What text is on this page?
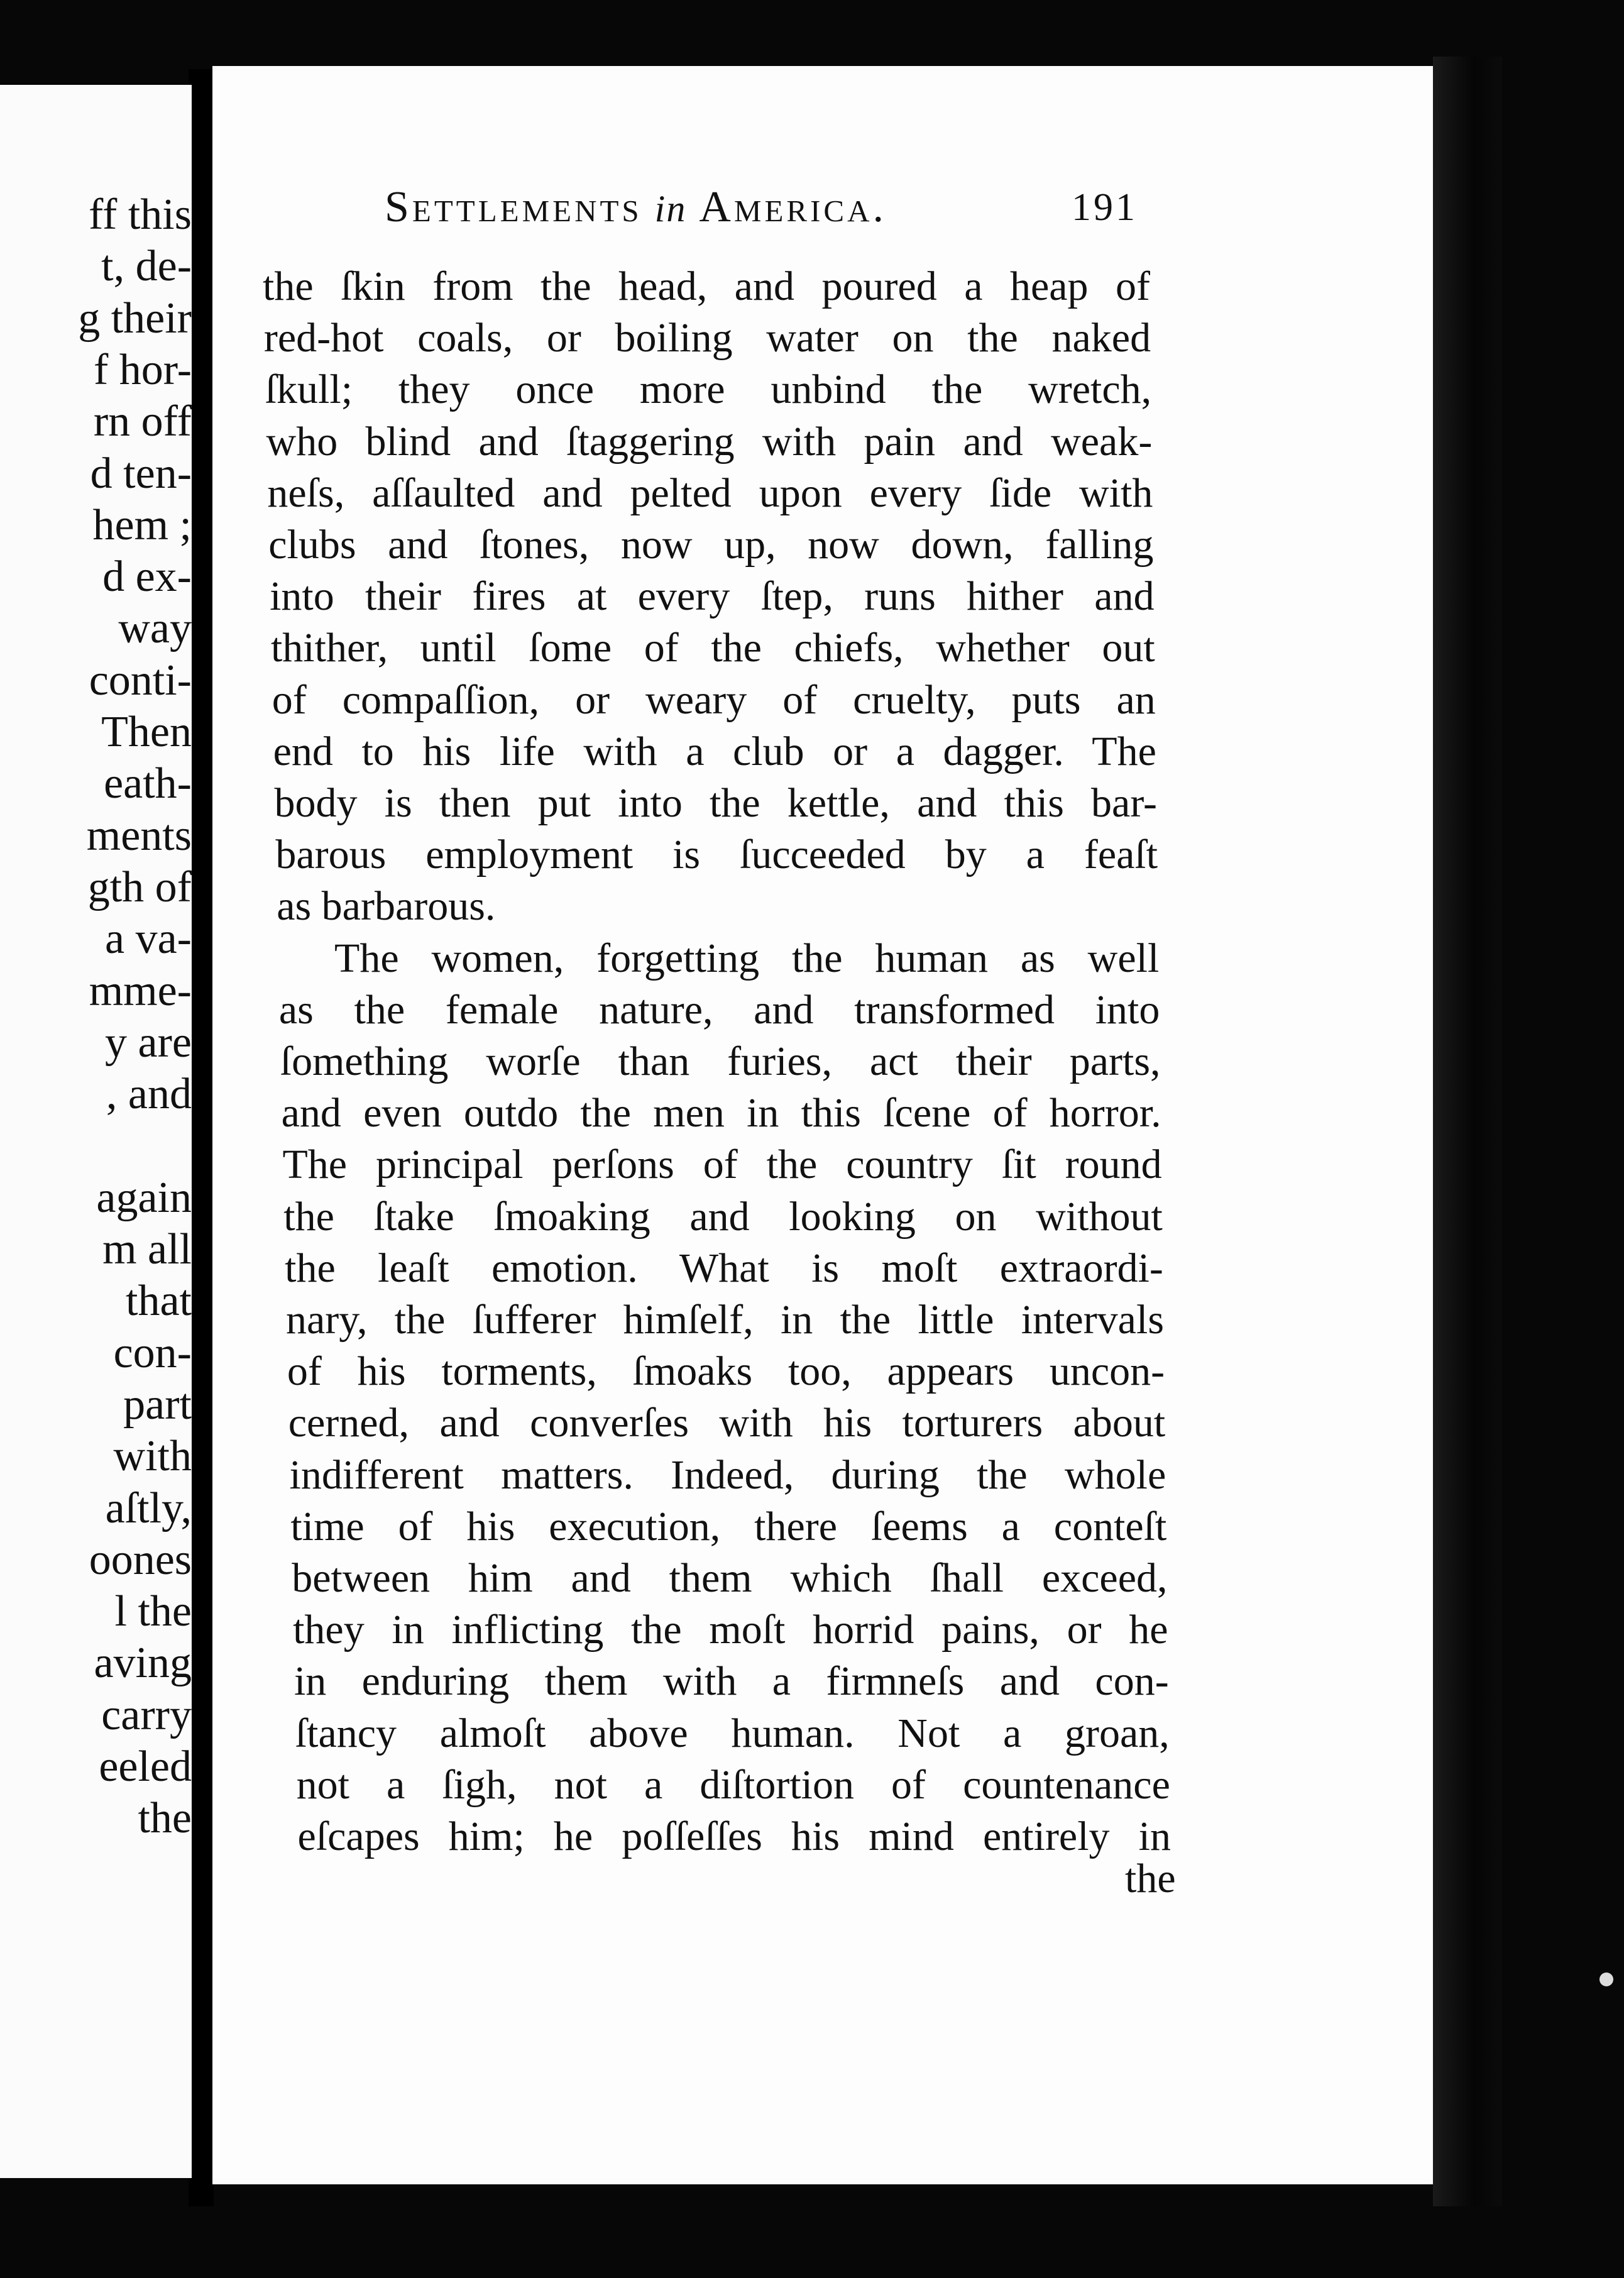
ff this
t, de-
g their
f hor-
rn off
d ten-
hem ;
d ex-
way
conti-
Then
eath-
ments
gth of
a va-
mme-
y are
, and
again
m all
that
con-
part
with
aſtly,
oones
l the
aving
carry
eeled
the
Settlements in America.	191
the ſkin from the head, and poured a heap of
red-hot coals, or boiling water on the naked
ſkull; they once more unbind the wretch,
who blind and ſtaggering with pain and weak-
neſs, aſſaulted and pelted upon every ſide with
clubs and ſtones, now up, now down, falling
into their fires at every ſtep, runs hither and
thither, until ſome of the chiefs, whether out
of compaſſion, or weary of cruelty, puts an
end to his life with a club or a dagger. The
body is then put into the kettle, and this bar-
barous employment is ſucceeded by a feaſt
as barbarous.
The women, forgetting the human as well
as the female nature, and transformed into
ſomething worſe than furies, act their parts,
and even outdo the men in this ſcene of horror.
The principal perſons of the country ſit round
the ſtake ſmoaking and looking on without
the leaſt emotion. What is moſt extraordi-
nary, the ſufferer himſelf, in the little intervals
of his torments, ſmoaks too, appears uncon-
cerned, and converſes with his torturers about
indifferent matters. Indeed, during the whole
time of his execution, there ſeems a conteſt
between him and them which ſhall exceed,
they in inflicting the moſt horrid pains, or he
in enduring them with a firmneſs and con-
ſtancy almoſt above human. Not a groan,
not a ſigh, not a diſtortion of countenance
eſcapes him; he poſſeſſes his mind entirely in
the
